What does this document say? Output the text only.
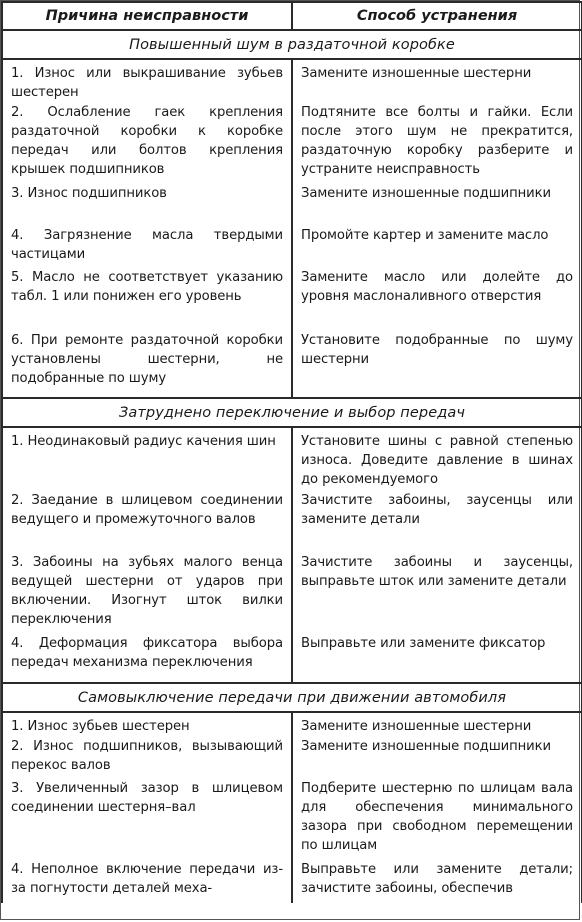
Причина неисправности	Способ устранения
Повышенный шум в раздаточной коробке	
1. Износ или выкрашивание зубьев шестерен	Замените изношенные шестерни
2. Ослабление гаек крепления раздаточной коробки к коробке передач или болтов крепления крышек подшипников	Подтяните все болты и гайки. Если после этого шум не прекратится, раздаточную коробку разберите и устраните неисправность
3. Износ подшипников	Замените изношенные подшипники
4. Загрязнение масла твердыми частицами	Промойте картер и замените масло
5. Масло не соответствует указанию табл. 1 или понижен его уровень	Замените масло или долейте до уровня маслоналивного отверстия
6. При ремонте раздаточной коробки установлены шестерни, не подобранные по шуму	Установите подобранные по шуму шестерни

Затруднено переключение и выбор передач	
1. Неодинаковый радиус качения шин	Установите шины с равной степенью износа. Доведите давление в шинах до рекомендуемого
2. Заедание в шлицевом соединении ведущего и промежуточного валов	Зачистите забоины, заусенцы или замените детали
3. Забоины на зубьях малого венца ведущей шестерни от ударов при включении. Изогнут шток вилки переключения	Зачистите забоины и заусенцы, выправьте шток или замените детали
4. Деформация фиксатора выбора передач механизма переключения	Выправьте или замените фиксатор

Самовыключение передачи при движении автомобиля	
1. Износ зубьев шестерен	Замените изношенные шестерни
2. Износ подшипников, вызывающий перекос валов	Замените изношенные подшипники
3. Увеличенный зазор в шлицевом соединении шестерня–вал	Подберите шестерню по шлицам вала для обеспечения минимального зазора при свободном перемещении по шлицам
4. Неполное включение передачи из-за погнутости деталей меха-	Выправьте или замените детали; зачистите забоины, обеспечив
